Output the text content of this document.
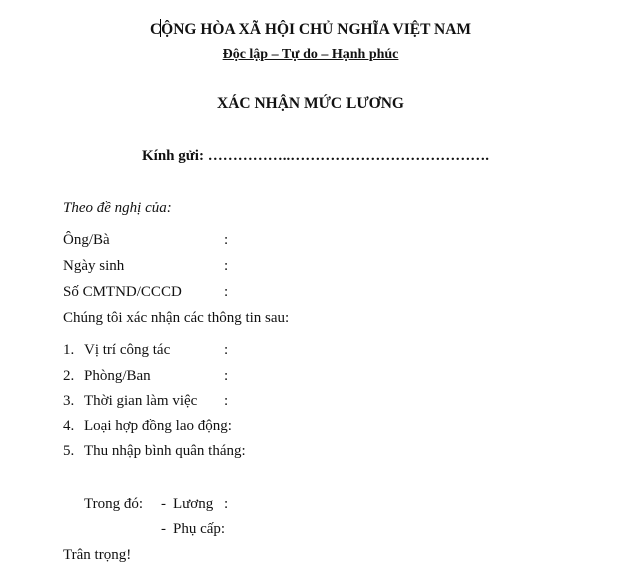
CỘNG HÒA XÃ HỘI CHỦ NGHĨA VIỆT NAM
Độc lập – Tự do – Hạnh phúc
XÁC NHẬN MỨC LƯƠNG
Kính gửi: ……………..………………………………….
Theo đề nghị của:
Ông/Bà	:
Ngày sinh	:
Số CMTND/CCCD	:
Chúng tôi xác nhận các thông tin sau:
1. Vị trí công tác	:
2. Phòng/Ban	:
3. Thời gian làm việc :
4. Loại hợp đồng lao động:
5. Thu nhập bình quân tháng:
Trong đó: - Lương :
- Phụ cấp:
Trân trọng!
